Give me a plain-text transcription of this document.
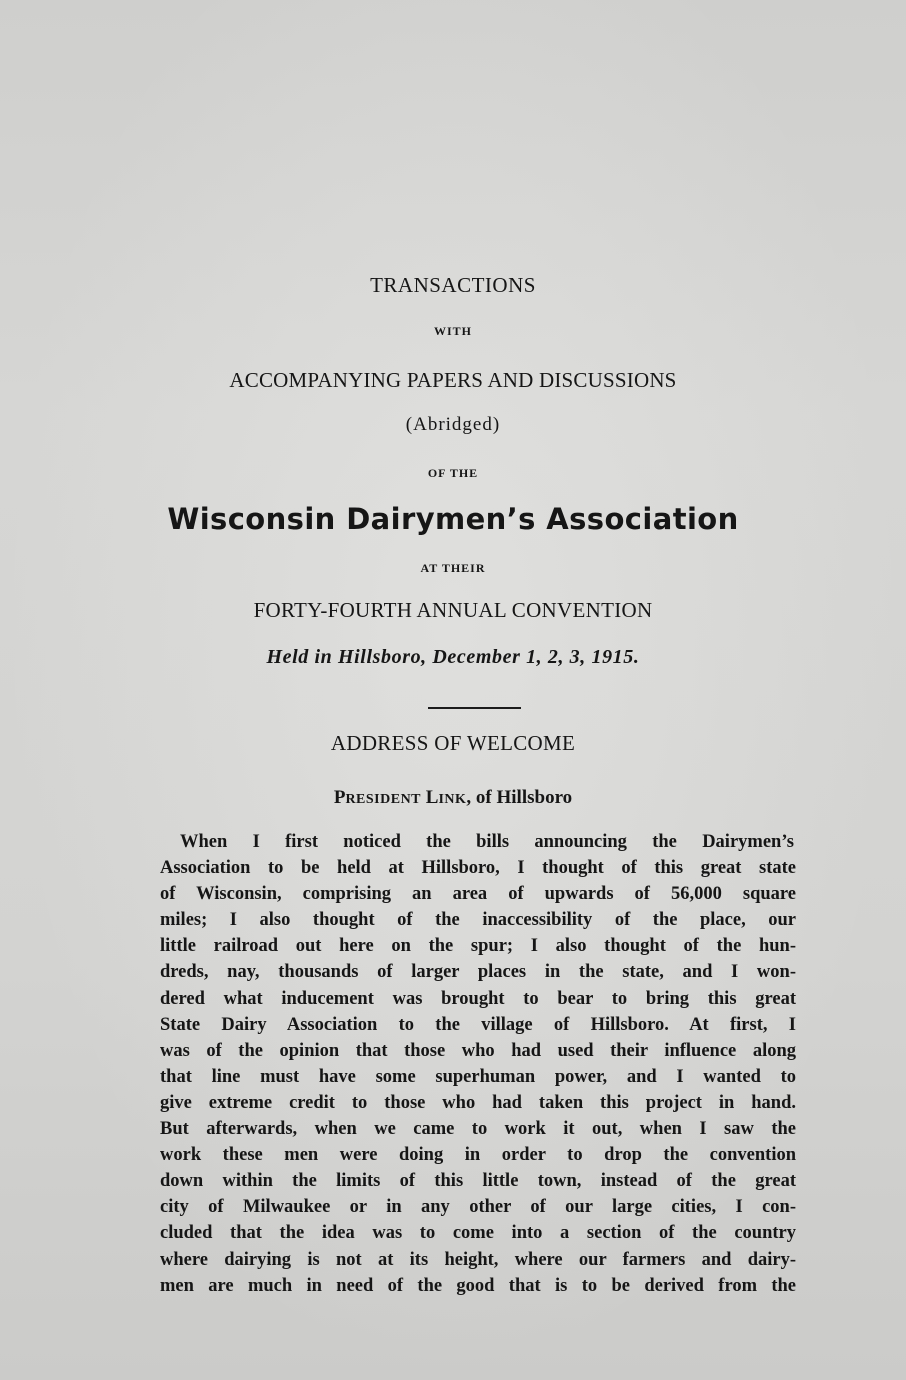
TRANSACTIONS
WITH
ACCOMPANYING PAPERS AND DISCUSSIONS
(Abridged)
OF THE
Wisconsin Dairymen’s Association
AT THEIR
FORTY-FOURTH ANNUAL CONVENTION
Held in Hillsboro, December 1, 2, 3, 1915.
ADDRESS OF WELCOME
PRESIDENT LINK, of Hillsboro
When I first noticed the bills announcing the Dairymen’s
Association to be held at Hillsboro, I thought of this great state
of Wisconsin, comprising an area of upwards of 56,000 square
miles; I also thought of the inaccessibility of the place, our
little railroad out here on the spur; I also thought of the hun-
dreds, nay, thousands of larger places in the state, and I won-
dered what inducement was brought to bear to bring this great
State Dairy Association to the village of Hillsboro. At first, I
was of the opinion that those who had used their influence along
that line must have some superhuman power, and I wanted to
give extreme credit to those who had taken this project in hand.
But afterwards, when we came to work it out, when I saw the
work these men were doing in order to drop the convention
down within the limits of this little town, instead of the great
city of Milwaukee or in any other of our large cities, I con-
cluded that the idea was to come into a section of the country
where dairying is not at its height, where our farmers and dairy-
men are much in need of the good that is to be derived from the
